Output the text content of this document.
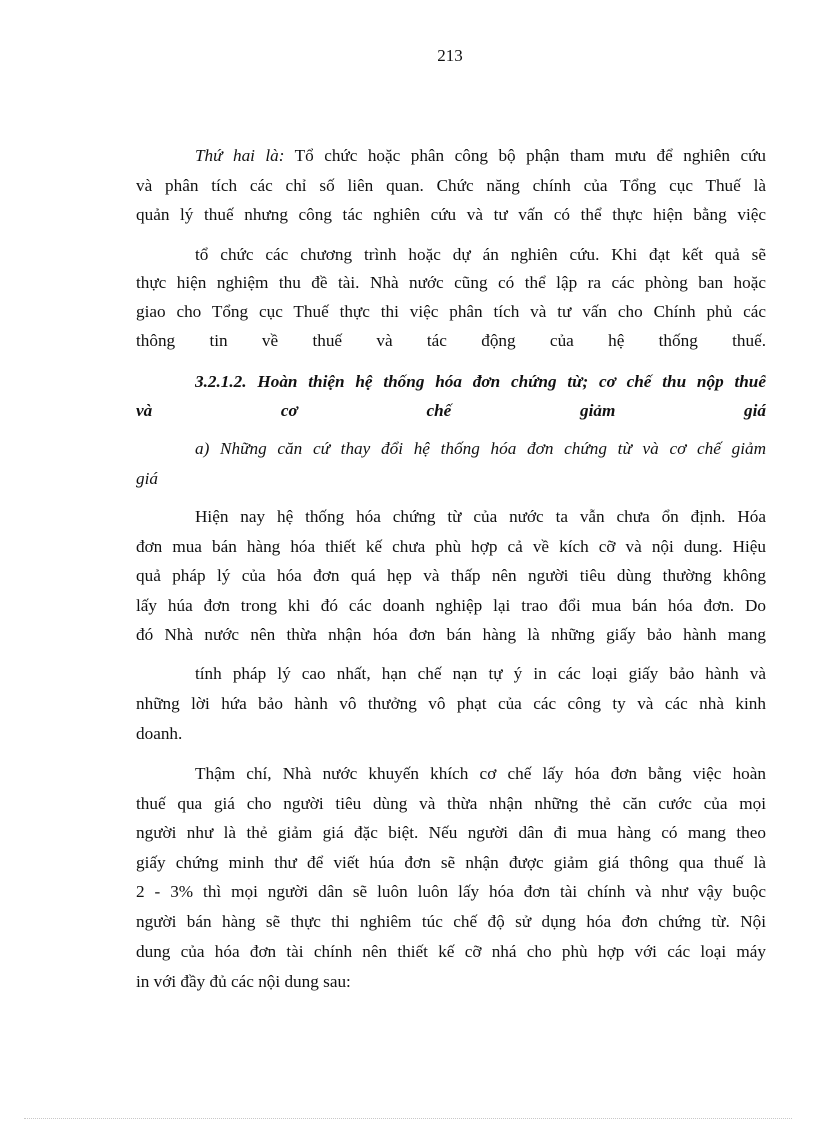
213
Thứ hai là: Tổ chức hoặc phân công bộ phận tham mưu để nghiên cứu
và phân tích các chỉ số liên quan. Chức năng chính của Tổng cục Thuế là
quản lý thuế nhưng công tác nghiên cứu và tư vấn có thể thực hiện bằng việc
tổ chức các chương trình hoặc dự án nghiên cứu. Khi đạt kết quả sẽ
thực hiện nghiệm thu đề tài. Nhà nước cũng có thể lập ra các phòng ban hoặc
giao cho Tổng cục Thuế thực thi việc phân tích và tư vấn cho Chính phủ các
thông tin về thuế và tác động của hệ thống thuế.
3.2.1.2. Hoàn thiện hệ thống hóa đơn chứng từ; cơ chế thu nộp thuế
và cơ chế giảm giá
a) Những căn cứ thay đổi hệ thống hóa đơn chứng từ và cơ chế giảm
giá
Hiện nay hệ thống hóa chứng từ của nước ta vẫn chưa ổn định. Hóa
đơn mua bán hàng hóa thiết kế chưa phù hợp cả về kích cỡ và nội dung. Hiệu
quả pháp lý của hóa đơn quá hẹp và thấp nên người tiêu dùng thường không
lấy húa đơn trong khi đó các doanh nghiệp lại trao đổi mua bán hóa đơn. Do
đó Nhà nước nên thừa nhận hóa đơn bán hàng là những giấy bảo hành mang
tính pháp lý cao nhất, hạn chế nạn tự ý in các loại giấy bảo hành và
những lời hứa bảo hành vô thưởng vô phạt của các công ty và các nhà kinh
doanh.
Thậm chí, Nhà nước khuyến khích cơ chế lấy hóa đơn bằng việc hoàn
thuế qua giá cho người tiêu dùng và thừa nhận những thẻ căn cước của mọi
người như là thẻ giảm giá đặc biệt. Nếu người dân đi mua hàng có mang theo
giấy chứng minh thư để viết húa đơn sẽ nhận được giảm giá thông qua thuế là
2 - 3% thì mọi người dân sẽ luôn luôn lấy hóa đơn tài chính và như vậy buộc
người bán hàng sẽ thực thi nghiêm túc chế độ sử dụng hóa đơn chứng từ. Nội
dung của hóa đơn tài chính nên thiết kế cỡ nhá cho phù hợp với các loại máy
in với đầy đủ các nội dung sau:
